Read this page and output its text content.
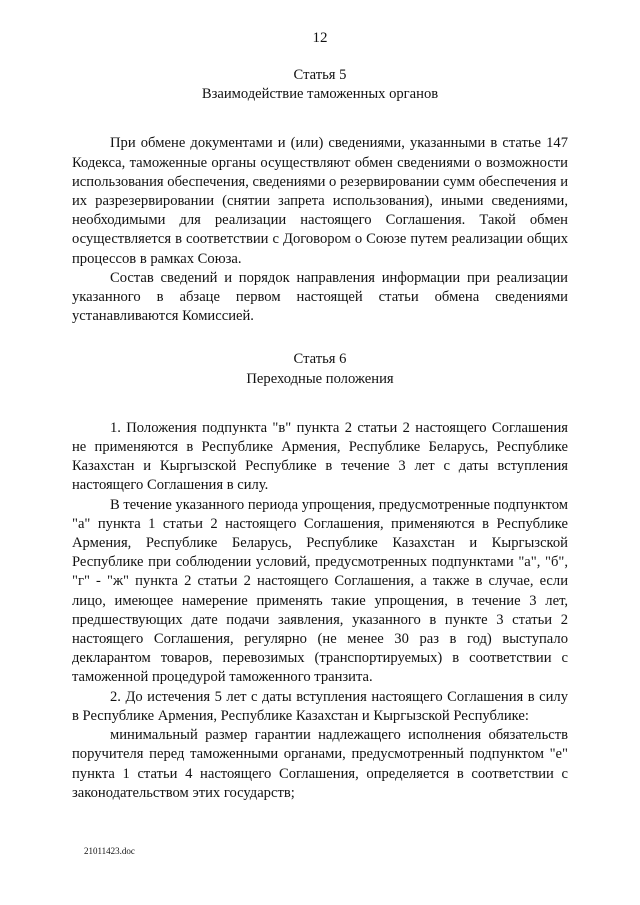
12
Статья 5
Взаимодействие таможенных органов

При обмене документами и (или) сведениями, указанными в статье 147 Кодекса, таможенные органы осуществляют обмен сведениями о возможности использования обеспечения, сведениями о резервировании сумм обеспечения и их разрезервировании (снятии запрета использования), иными сведениями, необходимыми для реализации настоящего Соглашения. Такой обмен осуществляется в соответствии с Договором о Союзе путем реализации общих процессов в рамках Союза.

Состав сведений и порядок направления информации при реализации указанного в абзаце первом настоящей статьи обмена сведениями устанавливаются Комиссией.

Статья 6
Переходные положения

1. Положения подпункта "в" пункта 2 статьи 2 настоящего Соглашения не применяются в Республике Армения, Республике Беларусь, Республике Казахстан и Кыргызской Республике в течение 3 лет с даты вступления настоящего Соглашения в силу.

В течение указанного периода упрощения, предусмотренные подпунктом "а" пункта 1 статьи 2 настоящего Соглашения, применяются в Республике Армения, Республике Беларусь, Республике Казахстан и Кыргызской Республике при соблюдении условий, предусмотренных подпунктами "а", "б", "г" - "ж" пункта 2 статьи 2 настоящего Соглашения, а также в случае, если лицо, имеющее намерение применять такие упрощения, в течение 3 лет, предшествующих дате подачи заявления, указанного в пункте 3 статьи 2 настоящего Соглашения, регулярно (не менее 30 раз в год) выступало декларантом товаров, перевозимых (транспортируемых) в соответствии с таможенной процедурой таможенного транзита.

2. До истечения 5 лет с даты вступления настоящего Соглашения в силу в Республике Армения, Республике Казахстан и Кыргызской Республике:

минимальный размер гарантии надлежащего исполнения обязательств поручителя перед таможенными органами, предусмотренный подпунктом "е" пункта 1 статьи 4 настоящего Соглашения, определяется в соответствии с законодательством этих государств;

21011423.doc
